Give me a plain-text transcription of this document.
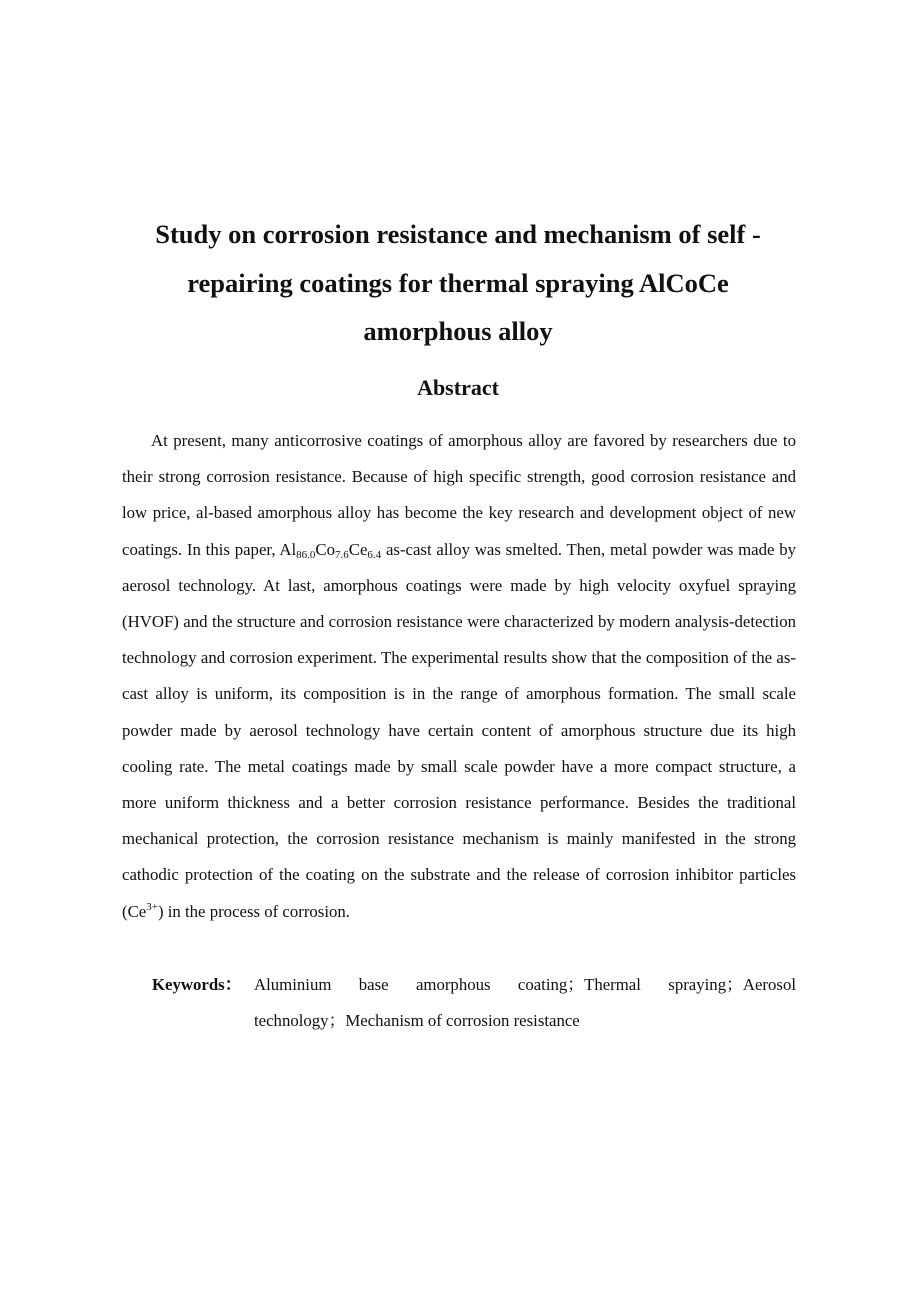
Study on corrosion resistance and mechanism of self -
repairing coatings for thermal spraying AlCoCe
amorphous alloy
Abstract
At present, many anticorrosive coatings of amorphous alloy are favored by researchers due to their strong corrosion resistance. Because of high specific strength, good corrosion resistance and low price, al-based amorphous alloy has become the key research and development object of new coatings. In this paper, $Al_{86.0}Co_{7.6}Ce_{6.4}$ as-cast alloy was smelted. Then, metal powder was made by aerosol technology. At last, amorphous coatings were made by high velocity oxyfuel spraying (HVOF) and the structure and corrosion resistance were characterized by modern analysis-detection technology and corrosion experiment. The experimental results show that the composition of the as-cast alloy is uniform, its composition is in the range of amorphous formation. The small scale powder made by aerosol technology have certain content of amorphous structure due its high cooling rate. The metal coatings made by small scale powder have a more compact structure, a more uniform thickness and a better corrosion resistance performance. Besides the traditional mechanical protection, the corrosion resistance mechanism is mainly manifested in the strong cathodic protection of the coating on the substrate and the release of corrosion inhibitor particles $(Ce^{3+})$ in the process of corrosion.
Keywords： Aluminium base amorphous coating；Thermal spraying；Aerosol technology；Mechanism of corrosion resistance
